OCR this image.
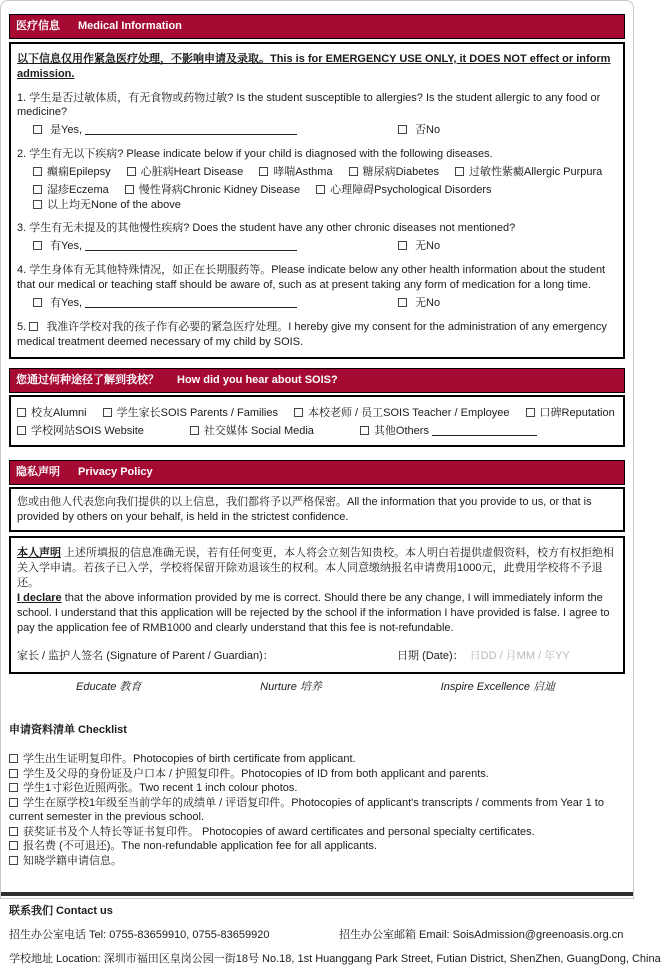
医疗信息 Medical Information
以下信息仅用作紧急医疗处理，不影响申请及录取。This is for EMERGENCY USE ONLY, it DOES NOT effect or inform admission.
1. 学生是否过敏体质，有无食物或药物过敏? Is the student susceptible to allergies? Is the student allergic to any food or medicine?
是Yes,	否No
2. 学生有无以下疾病? Please indicate below if your child is diagnosed with the following diseases.
癫痫Epilepsy	心脏病Heart Disease	哮喘Asthma	糖尿病Diabetes	过敏性紫癜Allergic Purpura
湿疹Eczema	慢性肾病Chronic Kidney Disease	心理障碍Psychological Disorders
以上均无None of the above
3. 学生有无未提及的其他慢性疾病? Does the student have any other chronic diseases not mentioned?
有Yes,	无No
4. 学生身体有无其他特殊情况，如正在长期服药等。Please indicate below any other health information about the student that our medical or teaching staff should be aware of, such as at present taking any form of medication for a long time.
有Yes,	无No
5. 我准许学校对我的孩子作有必要的紧急医疗处理。I hereby give my consent for the administration of any emergency medical treatment deemed necessary of my child by SOIS.
您通过何种途径了解到我校？ How did you hear about SOIS?
校友Alumni	学生家长SOIS Parents / Families	本校老师 / 员工SOIS Teacher / Employee	口碑Reputation
学校网站SOIS Website	社交媒体 Social Media	其他Others
隐私声明 Privacy Policy
您或由他人代表您向我们提供的以上信息，我们都将予以严格保密。All the information that you provide to us, or that is provided by others on your behalf, is held in the strictest confidence.
本人声明 上述所填报的信息准确无误，若有任何变更，本人将会立刻告知贵校。本人明白若提供虚假资料，校方有权拒绝相关入学申请。若孩子已入学，学校将保留开除劝退该生的权利。本人同意缴纳报名申请费用1000元，此费用学校将不予退还。
I declare that the above information provided by me is correct. Should there be any change, I will immediately inform the school. I understand that this application will be rejected by the school if the information I have provided is false. I agree to pay the application fee of RMB1000 and clearly understand that this fee is not-refundable.
家长 / 监护人签名 (Signature of Parent / Guardian)：	日期 (Date)： 日DD / 月MM / 年YY
Educate 教育	Nurture 培养	Inspire Excellence 启迪
申请资料清单 Checklist
学生出生证明复印件。Photocopies of birth certificate from applicant.
学生及父母的身份证及户口本 / 护照复印件。Photocopies of ID from both applicant and parents.
学生1寸彩色近照两张。Two recent 1 inch colour photos.
学生在原学校1年级至当前学年的成绩单 / 评语复印件。Photocopies of applicant's transcripts / comments from Year 1 to current semester in the previous school.
获奖证书及个人特长等证书复印件。 Photocopies of award certificates and personal specialty certificates.
报名费 (不可退还)。The non-refundable application fee for all applicants.
知晓学籍申请信息。
联系我们 Contact us
招生办公室电话 Tel: 0755-83659910, 0755-83659920	招生办公室邮箱 Email: SoisAdmission@greenoasis.org.cn
学校地址 Location: 深圳市福田区皇岗公园一街18号 No.18, 1st Huanggang Park Street, Futian District, ShenZhen, GuangDong, China
